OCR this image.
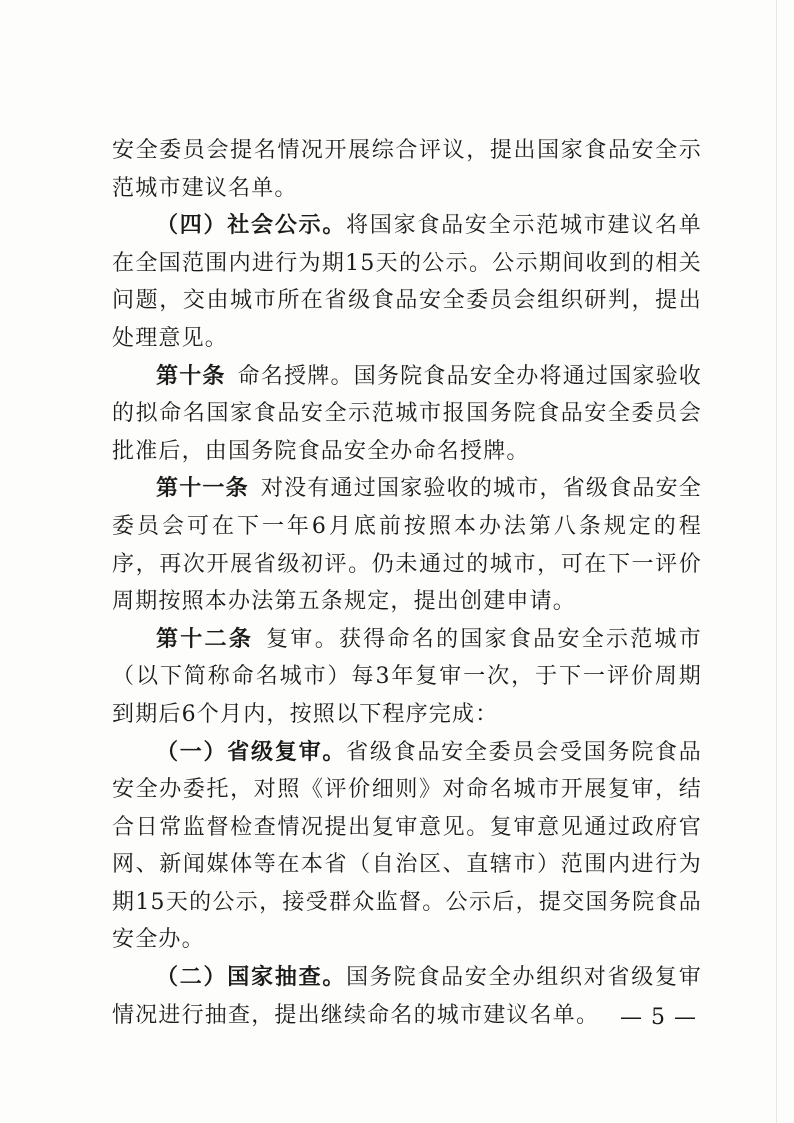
安全委员会提名情况开展综合评议，提出国家食品安全示范城市建议名单。

（四）社会公示。将国家食品安全示范城市建议名单在全国范围内进行为期15天的公示。公示期间收到的相关问题，交由城市所在省级食品安全委员会组织研判，提出处理意见。

第十条 命名授牌。国务院食品安全办将通过国家验收的拟命名国家食品安全示范城市报国务院食品安全委员会批准后，由国务院食品安全办命名授牌。

第十一条 对没有通过国家验收的城市，省级食品安全委员会可在下一年6月底前按照本办法第八条规定的程序，再次开展省级初评。仍未通过的城市，可在下一评价周期按照本办法第五条规定，提出创建申请。

第十二条 复审。获得命名的国家食品安全示范城市（以下简称命名城市）每3年复审一次，于下一评价周期到期后6个月内，按照以下程序完成：

（一）省级复审。省级食品安全委员会受国务院食品安全办委托，对照《评价细则》对命名城市开展复审，结合日常监督检查情况提出复审意见。复审意见通过政府官网、新闻媒体等在本省（自治区、直辖市）范围内进行为期15天的公示，接受群众监督。公示后，提交国务院食品安全办。

（二）国家抽查。国务院食品安全办组织对省级复审情况进行抽查，提出继续命名的城市建议名单。 — 5 —
